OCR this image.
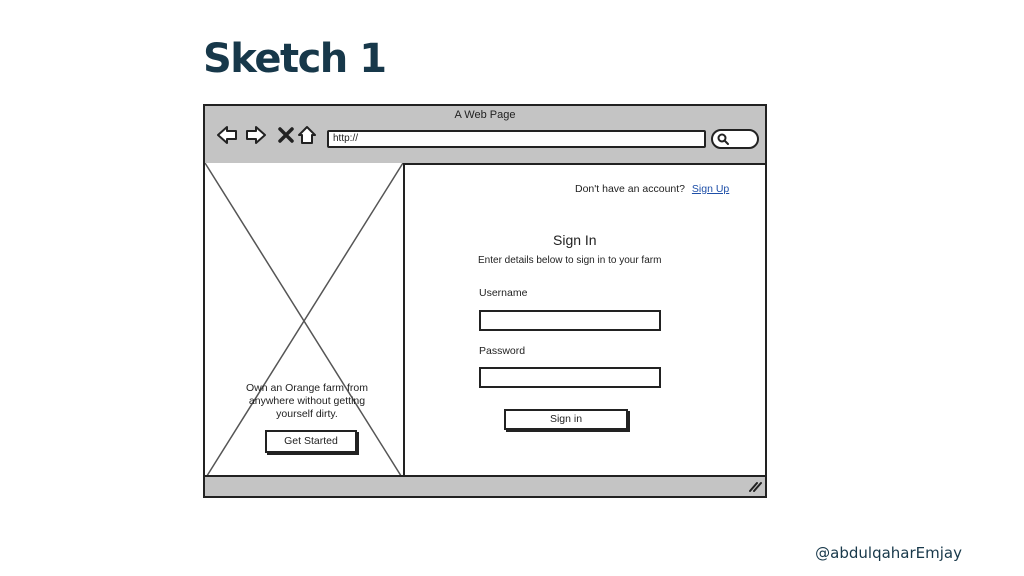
Sketch 1
A Web Page
http://
Own an Orange farm from anywhere without getting yourself dirty.
Get Started
Don't have an account? Sign Up
Sign In
Enter details below to sign in to your farm
Username
Password
Sign in
@abdulqaharEmjay
